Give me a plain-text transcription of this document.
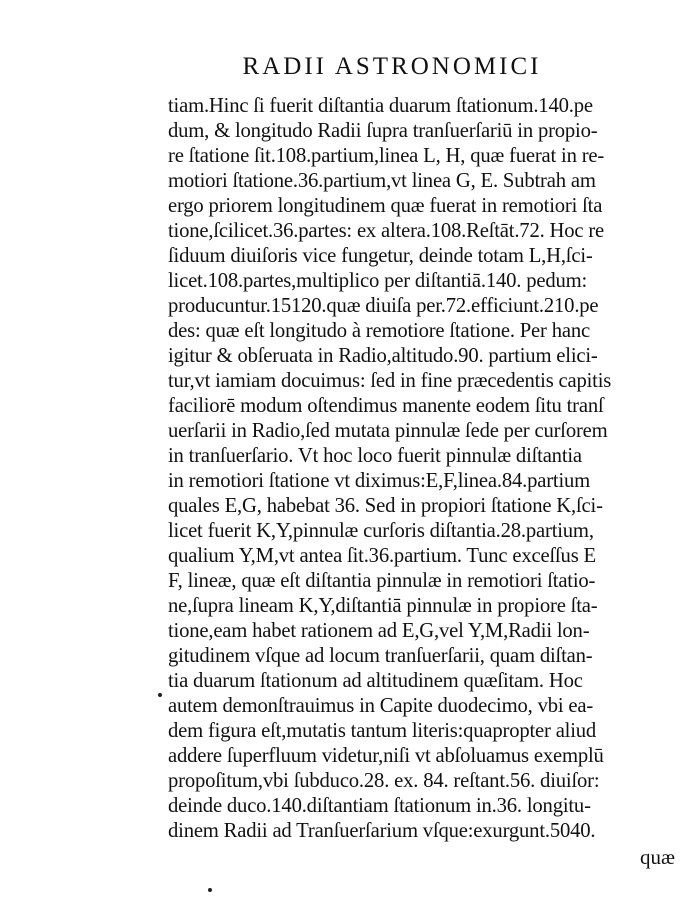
RADII ASTRONOMICI
tiam.Hinc ſi fuerit diſtantia duarum ſtationum.140.pe
dum, & longitudo Radii ſupra tranſuerſariū in propio-
re ſtatione ſit.108.partium,linea L, H, quæ fuerat in re-
motiori ſtatione.36.partium,vt linea G, E. Subtrah am
ergo priorem longitudinem quæ fuerat in remotiori ſta
tione,ſcilicet.36.partes: ex altera.108.Reſtāt.72. Hoc re
ſiduum diuiſoris vice fungetur, deinde totam L,H,ſci-
licet.108.partes,multiplico per diſtantiā.140. pedum:
producuntur.15120.quæ diuiſa per.72.efficiunt.210.pe
des: quæ eſt longitudo à remotiore ſtatione. Per hanc
igitur & obſeruata in Radio,altitudo.90. partium elici-
tur,vt iamiam docuimus: ſed in fine præcedentis capitis
faciliorē modum oſtendimus manente eodem ſitu tranſ
uerſarii in Radio,ſed mutata pinnulæ ſede per curſorem
in tranſuerſario. Vt hoc loco fuerit pinnulæ diſtantia
in remotiori ſtatione vt diximus:E,F,linea.84.partium
quales E,G, habebat 36. Sed in propiori ſtatione K,ſci-
licet fuerit K,Y,pinnulæ curſoris diſtantia.28.partium,
qualium Y,M,vt antea ſit.36.partium. Tunc exceſſus E
F, lineæ, quæ eſt diſtantia pinnulæ in remotiori ſtatio-
ne,ſupra lineam K,Y,diſtantiā pinnulæ in propiore ſta-
tione,eam habet rationem ad E,G,vel Y,M,Radii lon-
gitudinem vſque ad locum tranſuerſarii, quam diſtan-
tia duarum ſtationum ad altitudinem quæſitam. Hoc
autem demonſtrauimus in Capite duodecimo, vbi ea-
dem figura eſt,mutatis tantum literis:quapropter aliud
addere ſuperfluum videtur,niſi vt abſoluamus exemplū
propoſitum,vbi ſubduco.28. ex. 84. reſtant.56. diuiſor:
deinde duco.140.diſtantiam ſtationum in.36. longitu-
dinem Radii ad Tranſuerſarium vſque:exurgunt.5040.
quæ
